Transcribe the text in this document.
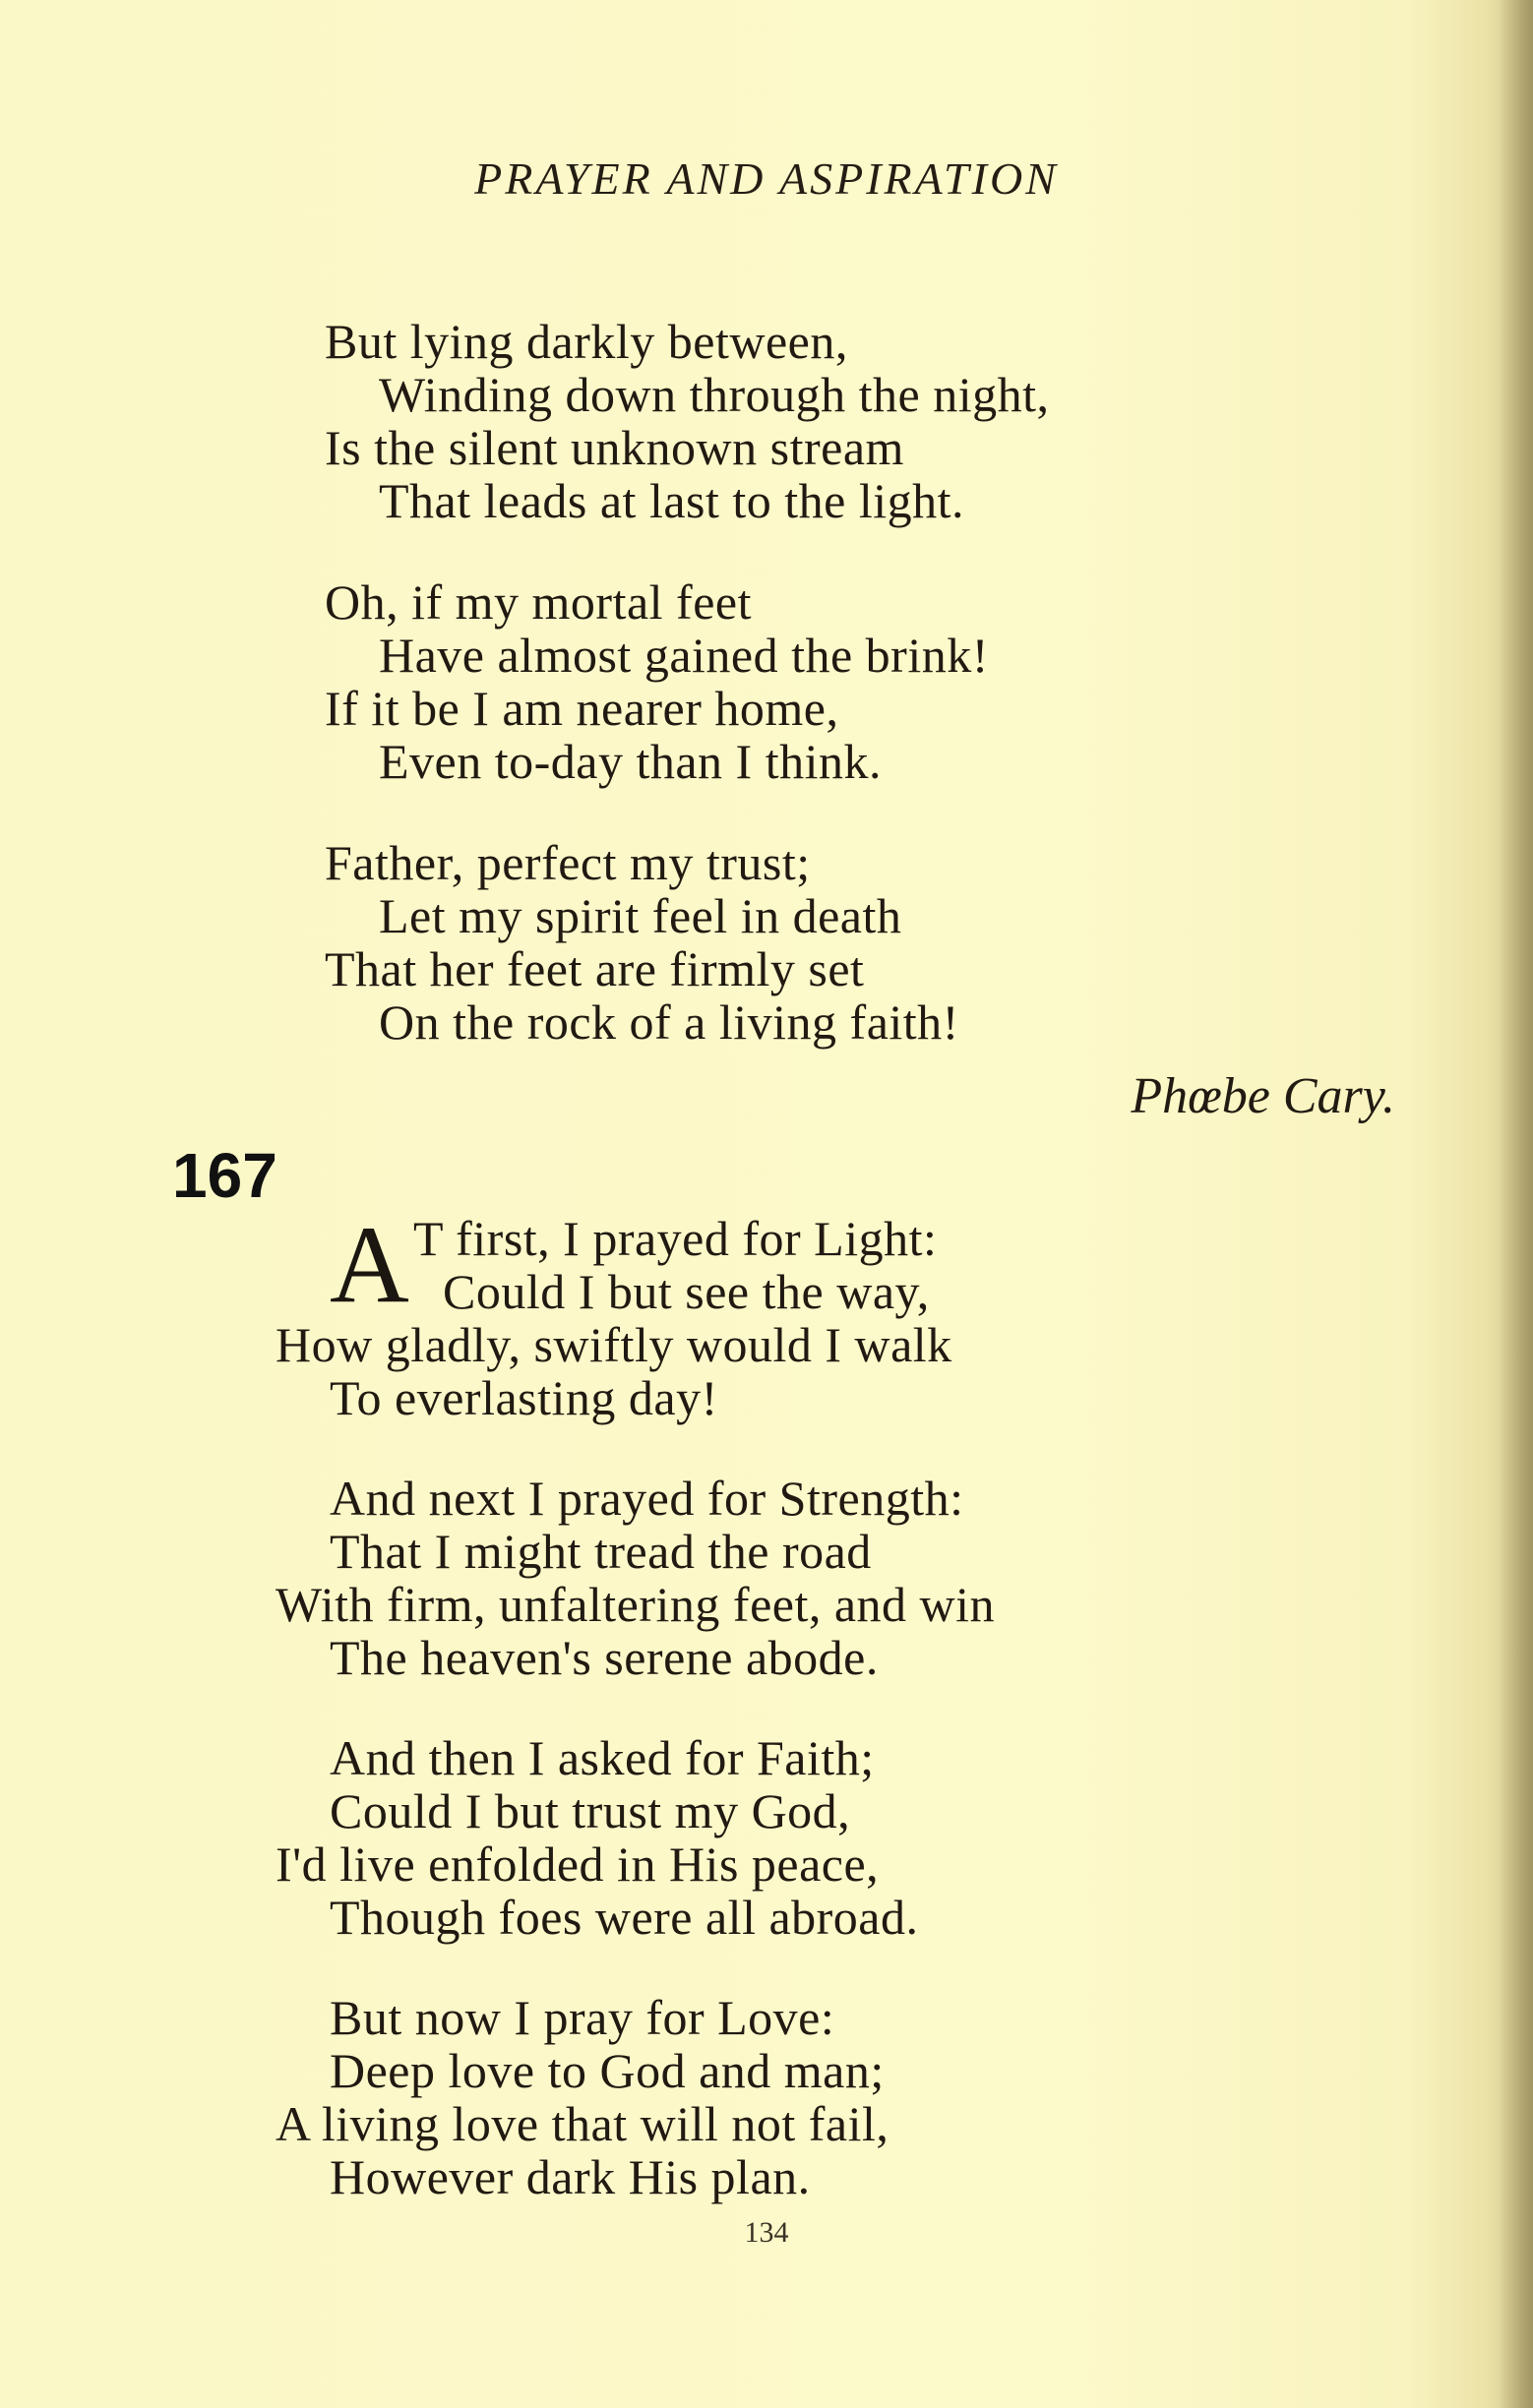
PRAYER AND ASPIRATION
But lying darkly between,
Winding down through the night,
Is the silent unknown stream
That leads at last to the light.
Oh, if my mortal feet
Have almost gained the brink!
If it be I am nearer home,
Even to-day than I think.
Father, perfect my trust;
Let my spirit feel in death
That her feet are firmly set
On the rock of a living faith!
Phœbe Cary.
167
A T first, I prayed for Light:
Could I but see the way,
How gladly, swiftly would I walk
To everlasting day!
And next I prayed for Strength:
That I might tread the road
With firm, unfaltering feet, and win
The heaven's serene abode.
And then I asked for Faith;
Could I but trust my God,
I'd live enfolded in His peace,
Though foes were all abroad.
But now I pray for Love:
Deep love to God and man;
A living love that will not fail,
However dark His plan.
134
